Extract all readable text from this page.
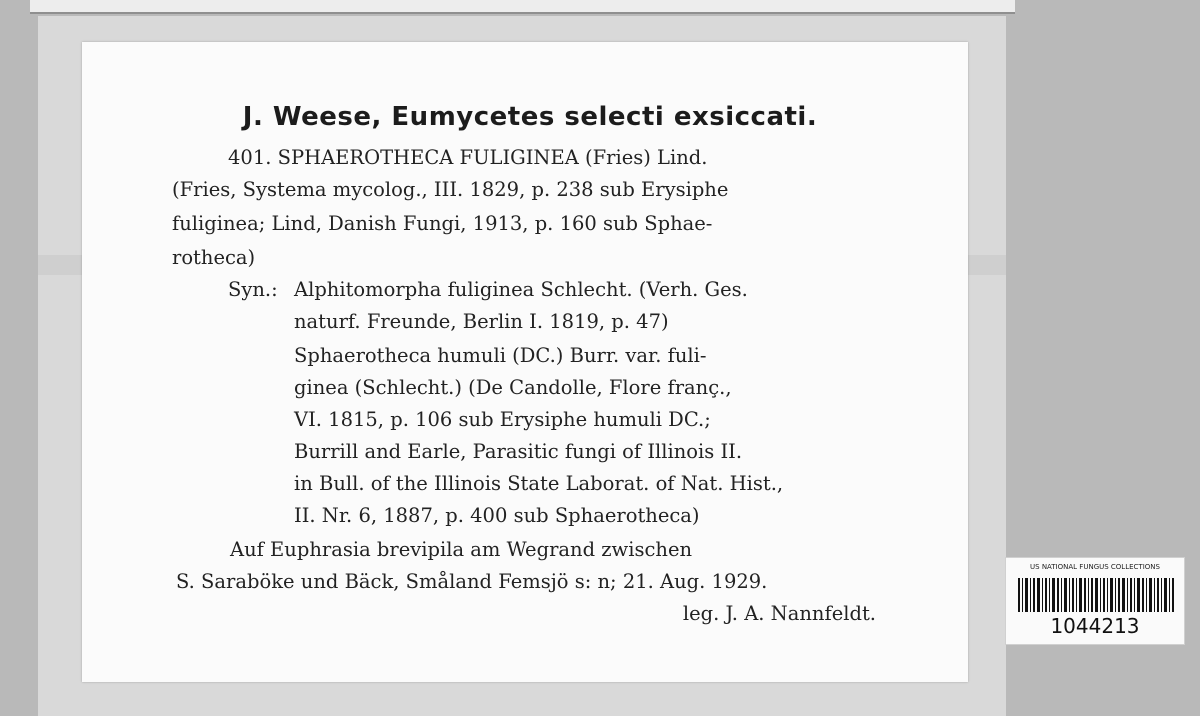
J. Weese, Eumycetes selecti exsiccati.
401. SPHAEROTHECA FULIGINEA (Fries) Lind.
(Fries, Systema mycolog., III. 1829, p. 238 sub Erysiphe
fuliginea; Lind, Danish Fungi, 1913, p. 160 sub Sphae-
rotheca)
Syn.: Alphitomorpha fuliginea Schlecht. (Verh. Ges.
naturf. Freunde, Berlin I. 1819, p. 47)
Sphaerotheca humuli (DC.) Burr. var. fuli-
ginea (Schlecht.) (De Candolle, Flore franç.,
VI. 1815, p. 106 sub Erysiphe humuli DC.;
Burrill and Earle, Parasitic fungi of Illinois II.
in Bull. of the Illinois State Laborat. of Nat. Hist.,
II. Nr. 6, 1887, p. 400 sub Sphaerotheca)
Auf Euphrasia brevipila am Wegrand zwischen
S. Saraböke und Bäck, Småland Femsjö s: n; 21. Aug. 1929.
leg. J. A. Nannfeldt.
US NATIONAL FUNGUS COLLECTIONS
1044213
